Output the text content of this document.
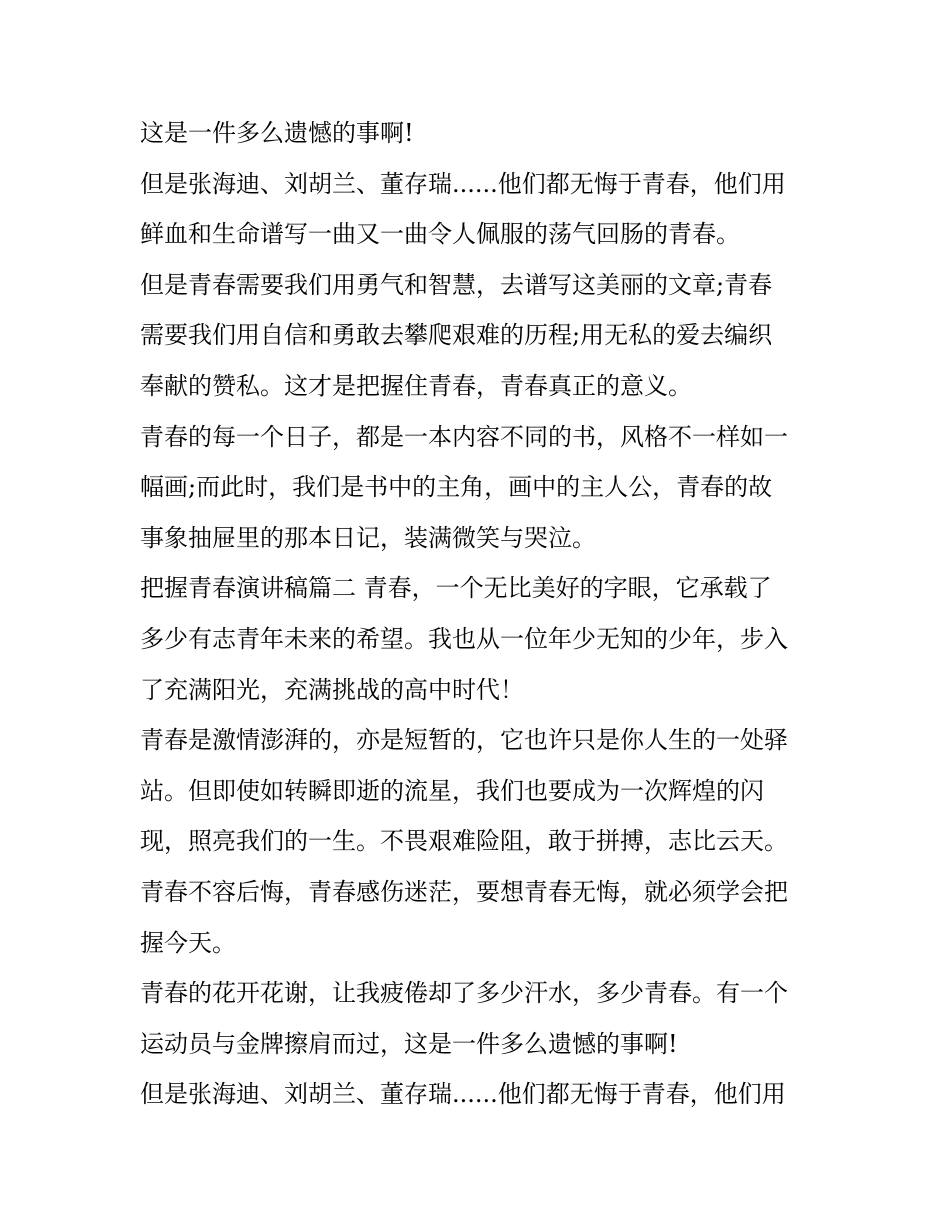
这是一件多么遗憾的事啊!
但是张海迪、刘胡兰、董存瑞......他们都无悔于青春，他们用
鲜血和生命谱写一曲又一曲令人佩服的荡气回肠的青春。
但是青春需要我们用勇气和智慧，去谱写这美丽的文章;青春
需要我们用自信和勇敢去攀爬艰难的历程;用无私的爱去编织
奉献的赞私。这才是把握住青春，青春真正的意义。
青春的每一个日子，都是一本内容不同的书，风格不一样如一
幅画;而此时，我们是书中的主角，画中的主人公，青春的故
事象抽屉里的那本日记，装满微笑与哭泣。
把握青春演讲稿篇二 青春，一个无比美好的字眼，它承载了
多少有志青年未来的希望。我也从一位年少无知的少年，步入
了充满阳光，充满挑战的高中时代！
青春是激情澎湃的，亦是短暂的，它也许只是你人生的一处驿
站。但即使如转瞬即逝的流星，我们也要成为一次辉煌的闪
现，照亮我们的一生。不畏艰难险阻，敢于拼搏，志比云天。
青春不容后悔，青春感伤迷茫，要想青春无悔，就必须学会把
握今天。
青春的花开花谢，让我疲倦却了多少汗水，多少青春。有一个
运动员与金牌擦肩而过，这是一件多么遗憾的事啊!
但是张海迪、刘胡兰、董存瑞......他们都无悔于青春，他们用
